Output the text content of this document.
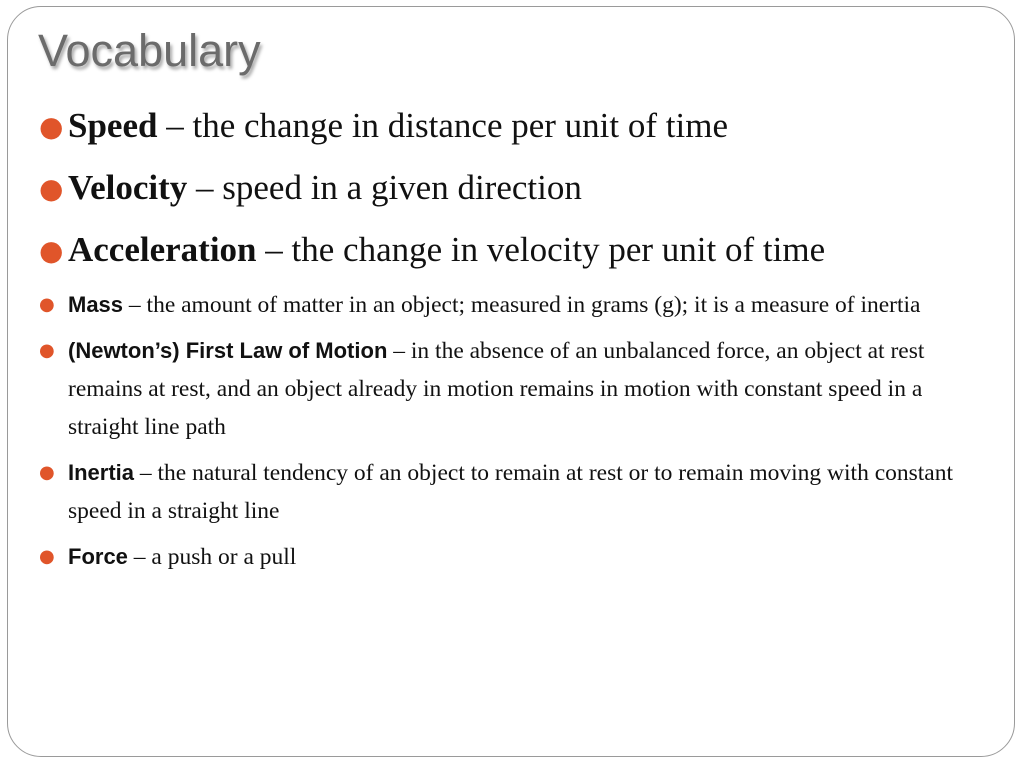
Vocabulary
● Speed – the change in distance per unit of time
● Velocity – speed in a given direction
● Acceleration – the change in velocity per unit of time
● Mass – the amount of matter in an object; measured in grams (g); it is a measure of inertia
● (Newton’s) First Law of Motion – in the absence of an unbalanced force, an object at rest remains at rest, and an object already in motion remains in motion with constant speed in a straight line path
● Inertia – the natural tendency of an object to remain at rest or to remain moving with constant speed in a straight line
● Force – a push or a pull
